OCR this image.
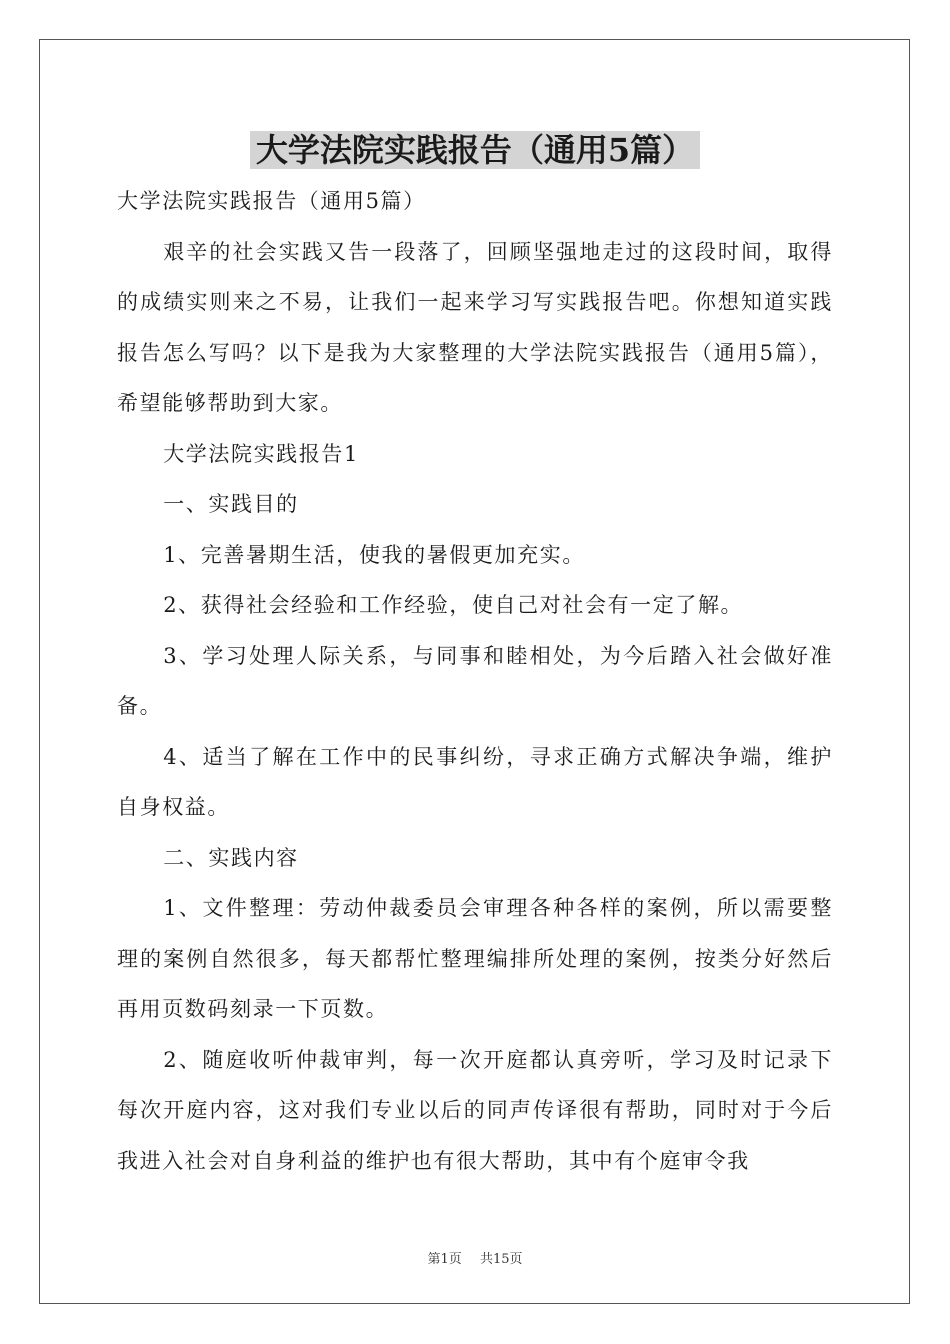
大学法院实践报告（通用5篇）

大学法院实践报告（通用5篇）

艰辛的社会实践又告一段落了，回顾坚强地走过的这段时间，取得的成绩实则来之不易，让我们一起来学习写实践报告吧。你想知道实践报告怎么写吗？以下是我为大家整理的大学法院实践报告（通用5篇），希望能够帮助到大家。

大学法院实践报告1

一、实践目的

1、完善暑期生活，使我的暑假更加充实。

2、获得社会经验和工作经验，使自己对社会有一定了解。

3、学习处理人际关系，与同事和睦相处，为今后踏入社会做好准备。

4、适当了解在工作中的民事纠纷，寻求正确方式解决争端，维护自身权益。

二、实践内容

1、文件整理：劳动仲裁委员会审理各种各样的案例，所以需要整理的案例自然很多，每天都帮忙整理编排所处理的案例，按类分好然后再用页数码刻录一下页数。

2、随庭收听仲裁审判，每一次开庭都认真旁听，学习及时记录下每次开庭内容，这对我们专业以后的同声传译很有帮助，同时对于今后我进入社会对自身利益的维护也有很大帮助，其中有个庭审令我

第1页 共15页
